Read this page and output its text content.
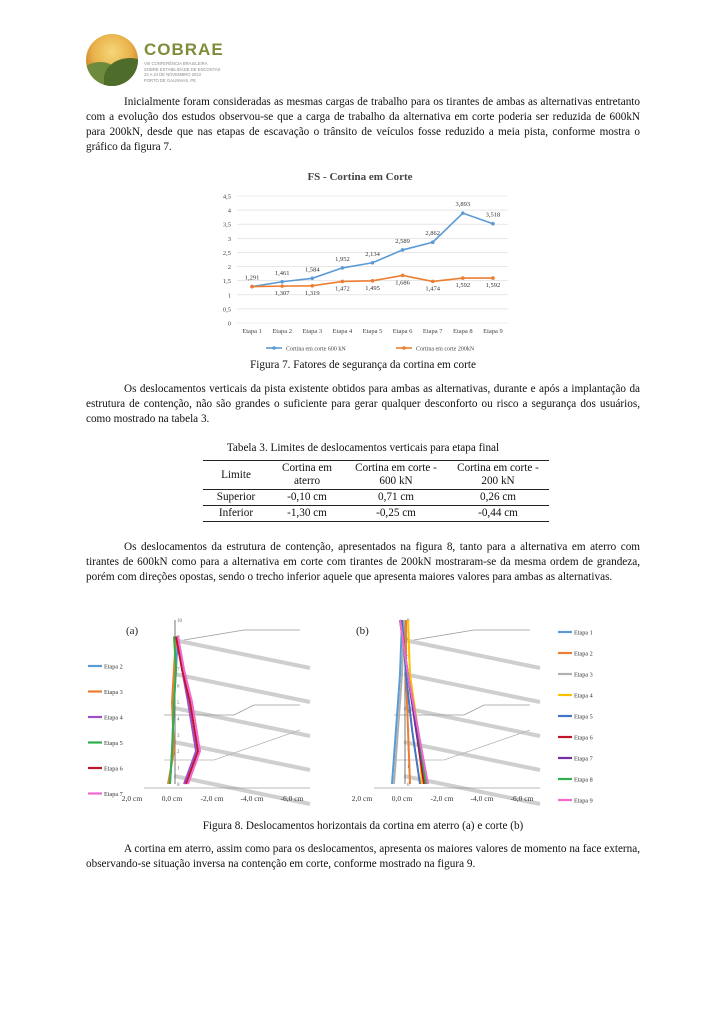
COBRAE
VIII CONFERÊNCIA BRASILEIRA
SOBRE ESTABILIDADE DE ENCOSTAS
22 A 24 DE NOVEMBRO 2022
PORTO DE GALINHAS, PE

Inicialmente foram consideradas as mesmas cargas de trabalho para os tirantes de ambas as alternativas entretanto com a evolução dos estudos observou-se que a carga de trabalho da alternativa em corte poderia ser reduzida de 600kN para 200kN, desde que nas etapas de escavação o trânsito de veículos fosse reduzido a meia pista, conforme mostra o gráfico da figura 7.

FS - Cortina em Corte
0
0,5
1
1,5
2
2,5
3
3,5
4
4,5
Etapa 1 Etapa 2 Etapa 3 Etapa 4 Etapa 5 Etapa 6 Etapa 7 Etapa 8 Etapa 9
1,291
1,461 1,584
1,952
2,134
2,589
2,862
3,893
3,518
1,307 1,319
1,472 1,495
1,686
1,474 1,592 1,592
Cortina em corte 600 kN	Cortina em corte 200kN
Figura 7. Fatores de segurança da cortina em corte

Os deslocamentos verticais da pista existente obtidos para ambas as alternativas, durante e após a implantação da estrutura de contenção, não são grandes o suficiente para gerar qualquer desconforto ou risco a segurança dos usuários, como mostrado na tabela 3.

Tabela 3. Limites de deslocamentos verticais para etapa final
Limite	Cortina em aterro	Cortina em corte - 600 kN	Cortina em corte - 200 kN
Superior	-0,10 cm	0,71 cm	0,26 cm
Inferior	-1,30 cm	-0,25 cm	-0,44 cm

Os deslocamentos da estrutura de contenção, apresentados na figura 8, tanto para a alternativa em aterro com tirantes de 600kN como para a alternativa em corte com tirantes de 200kN mostraram-se da mesma ordem de grandeza, porém com direções opostas, sendo o trecho inferior aquele que apresenta maiores valores para ambas as alternativas.

(a)
10
9
8
7
6
5
4
3
2
1
0
2,0 cm	0,0 cm -2,0 cm -4,0 cm -6,0 cm
Etapa 2
Etapa 3
Etapa 4
Etapa 5
Etapa 6
Etapa 7
(b)
9
8
7
6
5
4
3
2
1
0
2,0 cm	0,0 cm -2,0 cm -4,0 cm -6,0 cm
Etapa 1
Etapa 2
Etapa 3
Etapa 4
Etapa 5
Etapa 6
Etapa 7
Etapa 8
Etapa 9
Figura 8. Deslocamentos horizontais da cortina em aterro (a) e corte (b)

A cortina em aterro, assim como para os deslocamentos, apresenta os maiores valores de momento na face externa, observando-se situação inversa na contenção em corte, conforme mostrado na figura 9.
